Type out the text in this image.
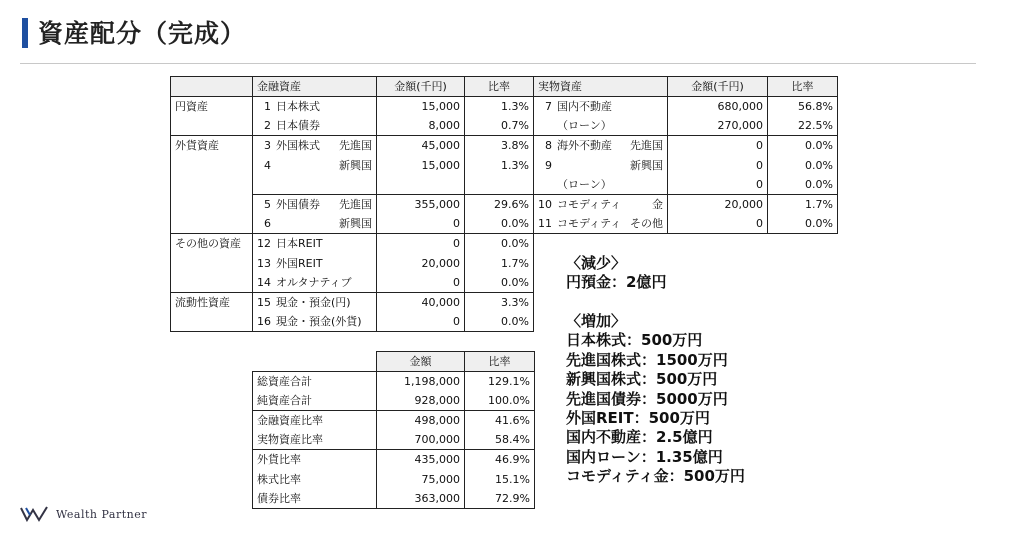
資産配分（完成）
	金融資産	金額(千円)	比率	実物資産	金額(千円)	比率
円資産	1 日本株式	15,000	1.3%	7 国内不動産	680,000	56.8%

	2 日本債券	8,000	0.7%	（ローン）	270,000	22.5%
外貨資産	3 外国株式 先進国	45,000	3.8%	8 海外不動産 先進国	0	0.0%

	4 新興国	15,000	1.3%	9 新興国	0	0.0%

				（ローン）	0	0.0%

	5 外国債券 先進国	355,000	29.6%	10 コモディティ 金	20,000	1.7%

	6 新興国	0	0.0%	11 コモディティ その他	0	0.0%
その他の資産	12 日本REIT	0	0.0%			

	13 外国REIT	20,000	1.7%			

	14 オルタナティブ	0	0.0%			
流動性資産	15 現金・預金(円)	40,000	3.3%			

	16 現金・預金(外貨)	0	0.0%			
	金額	比率
総資産合計	1,198,000	129.1%
純資産合計	928,000	100.0%
金融資産比率	498,000	41.6%
実物資産比率	700,000	58.4%
外貨比率	435,000	46.9%
株式比率	75,000	15.1%
債券比率	363,000	72.9%
〈減少〉
円預金：2億円
〈増加〉
日本株式：500万円
先進国株式：1500万円
新興国株式：500万円
先進国債券：5000万円
外国REIT：500万円
国内不動産：2.5億円
国内ローン：1.35億円
コモディティ金：500万円
Wealth Partner
